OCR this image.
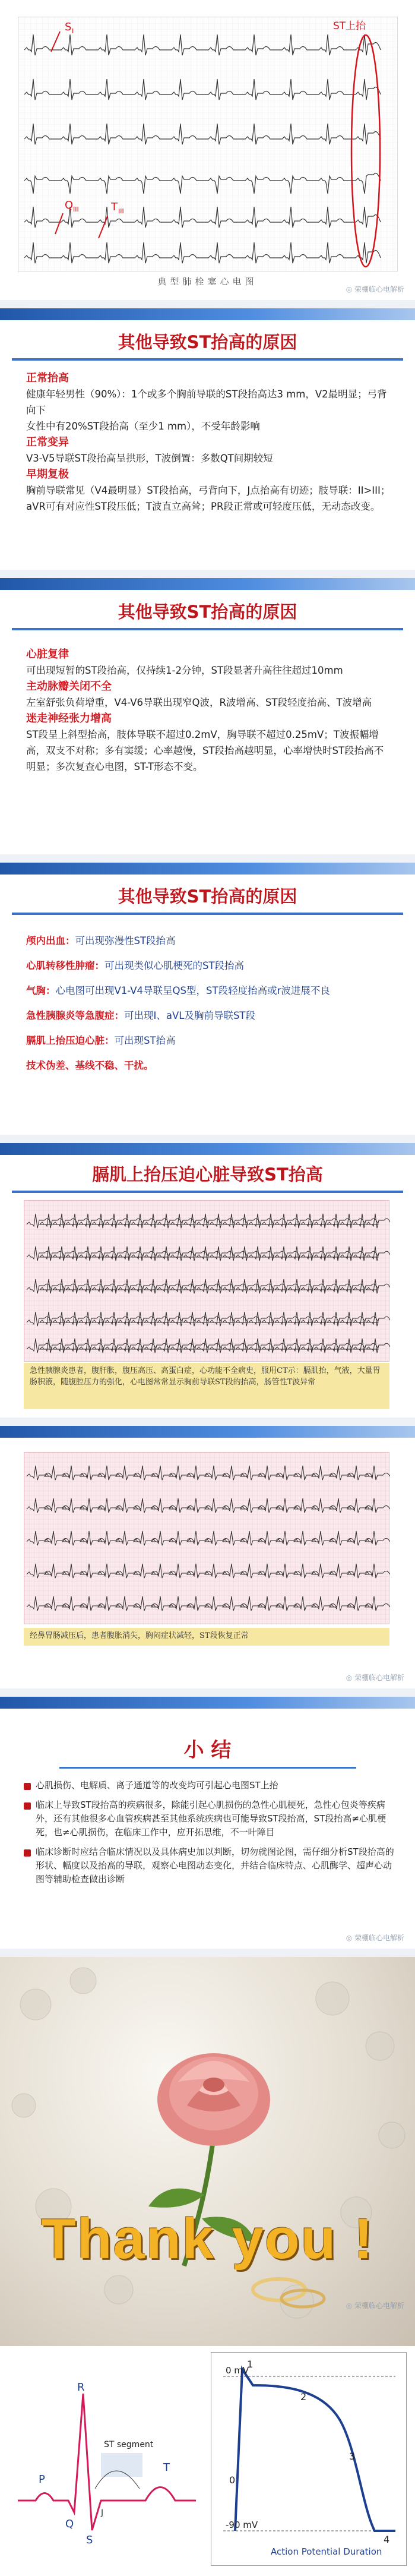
ST上抬
S I
Q III	T III
典型肺栓塞心电图
◎ 荣棚临心电解析
其他导致ST抬高的原因
正常抬高
健康年轻男性（90%）：1个或多个胸前导联的ST段抬高达3 mm，V2最明显；弓背向下
女性中有20%ST段抬高（至少1 mm），不受年龄影响
正常变异
V3-V5导联ST段抬高呈拱形，T波倒置：多数QT间期较短
早期复极
胸前导联常见（V4最明显）ST段抬高，弓背向下，J点抬高有切迹；肢导联：II>III；aVR可有对应性ST段压低；T波直立高耸；PR段正常或可轻度压低，无动态改变。
其他导致ST抬高的原因
心脏复律
可出现短暂的ST段抬高，仅持续1-2分钟，ST段显著升高往往超过10mm
主动脉瓣关闭不全
左室舒张负荷增重，V4-V6导联出现窄Q波，R波增高、ST段轻度抬高、T波增高
迷走神经张力增高
ST段呈上斜型抬高，肢体导联不超过0.2mV，胸导联不超过0.25mV；T波振幅增高，双支不对称；多有窦缓；心率越慢，ST段抬高越明显，心率增快时ST段抬高不明显；多次复查心电图，ST-T形态不变。
其他导致ST抬高的原因
颅内出血：可出现弥漫性ST段抬高
心肌转移性肿瘤：可出现类似心肌梗死的ST段抬高
气胸：心电图可出现V1-V4导联呈QS型，ST段轻度抬高或r波进展不良
急性胰腺炎等急腹症：可出现I、aVL及胸前导联ST段
膈肌上抬压迫心脏：可出现ST抬高
技术伪差、基线不稳、干扰。
膈肌上抬压迫心脏导致ST抬高
急性胰腺炎患者，腹肝胀，腹压高压、高蛋白症，心功能不全病史，服用CT示：膈肌抬，气液，大量胃肠积液，随腹腔压力的强化，心电图常常显示胸前导联ST段的抬高，肠管性T波异常
经鼻胃肠减压后，患者腹胀消失，胸闷症状减轻，ST段恢复正常
◎ 荣棚临心电解析
小 结
心肌损伤、电解质、离子通道等的改变均可引起心电图ST上抬
临床上导致ST段抬高的疾病很多，除能引起心肌损伤的急性心肌梗死，急性心包炎等疾病外，还有其他很多心血管疾病甚至其他系统疾病也可能导致ST段抬高，ST段抬高≠心肌梗死，也≠心肌损伤，在临床工作中，应开拓思维，不一叶障目
临床诊断时应结合临床情况以及具体病史加以判断，切勿就图论图，需仔细分析ST段抬高的形状、幅度以及抬高的导联，观察心电图动态变化，并结合临床特点、心肌酶学、超声心动图等辅助检查做出诊断
◎ 荣棚临心电解析
Thank you !
◎ 荣棚临心电解析
R
P
Q
S
T
J
ST segment
0 mV
-90 mV
1
2
3
0
4
Action Potential Duration
